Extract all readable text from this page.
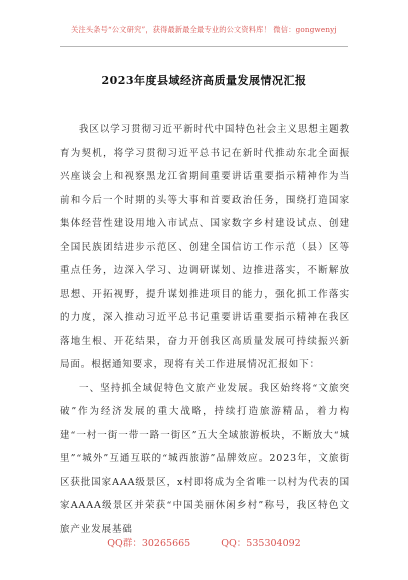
关注头条号“公文研究”，获得最新最全最专业的公文资料库！ 微信：gongwenyj
2023年度县域经济高质量发展情况汇报

我区以学习贯彻习近平新时代中国特色社会主义思想主题教育为契机，将学习贯彻习近平总书记在新时代推动东北全面振兴座谈会上和视察黑龙江省期间重要讲话重要指示精神作为当前和今后一个时期的头等大事和首要政治任务，围绕打造国家集体经营性建设用地入市试点、国家数字乡村建设试点、创建全国民族团结进步示范区、创建全国信访工作示范（县）区等重点任务，边深入学习、边调研谋划、边推进落实，不断解放思想、开拓视野，提升谋划推进项目的能力，强化抓工作落实的力度，深入推动习近平总书记重要讲话重要指示精神在我区落地生根、开花结果，奋力开创我区高质量发展可持续振兴新局面。根据通知要求，现将有关工作进展情况汇报如下：

一、坚持抓全域促特色文旅产业发展。我区始终将“文旅突破”作为经济发展的重大战略，持续打造旅游精品，着力构建“一村一街一带一路一街区”五大全域旅游板块，不断放大“城里”“城外”互通互联的“城西旅游”品牌效应。2023年，文旅街区获批国家AAA级景区，x村即将成为全省唯一以村为代表的国家AAAA级景区并荣获“中国美丽休闲乡村”称号，我区特色文旅产业发展基础

QQ群：30265665	QQ：535304092
